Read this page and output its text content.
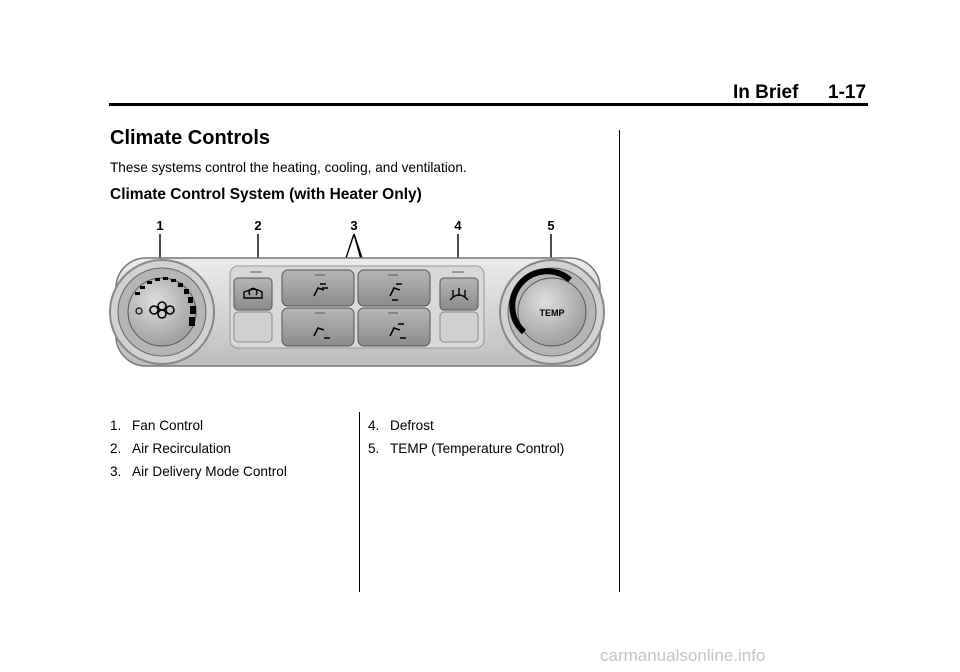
In Brief 1-17
Climate Controls
These systems control the heating, cooling, and ventilation.
Climate Control System (with Heater Only)
1	2	3	4	5
TEMP
1. Fan Control
2. Air Recirculation
3. Air Delivery Mode Control
4. Defrost
5. TEMP (Temperature Control)
carmanualsonline.info
